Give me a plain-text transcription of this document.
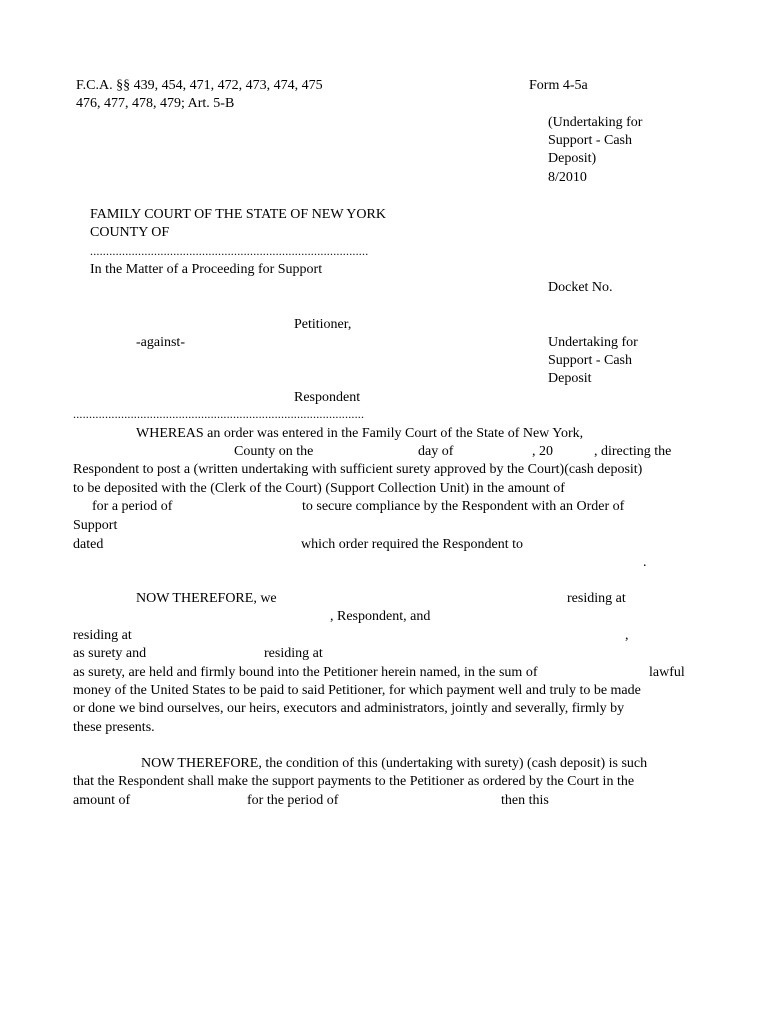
F.C.A. §§ 439, 454, 471, 472, 473, 474, 475
476, 477, 478, 479; Art. 5-B
Form 4-5a
(Undertaking for
Support - Cash
Deposit)
8/2010
FAMILY COURT OF THE STATE OF NEW YORK
COUNTY OF
.......................................................................................
In the Matter of a Proceeding for Support
Docket No.
Petitioner,
-against-	Undertaking for
Support - Cash
Deposit
Respondent
...........................................................................................
WHEREAS an order was entered in the Family Court of the State of New York,
County on the	day of	, 20	, directing the
Respondent to post a (written undertaking with sufficient surety approved by the Court)(cash deposit)
to be deposited with the (Clerk of the Court) (Support Collection Unit) in the amount of
for a period of	to secure compliance by the Respondent with an Order of
Support
dated	which order required the Respondent to
.
NOW THEREFORE, we	residing at
, Respondent, and
residing at	,
as surety and	residing at
as surety, are held and firmly bound into the Petitioner herein named, in the sum of	lawful
money of the United States to be paid to said Petitioner, for which payment well and truly to be made
or done we bind ourselves, our heirs, executors and administrators, jointly and severally, firmly by
these presents.
NOW THEREFORE, the condition of this (undertaking with surety) (cash deposit) is such
that the Respondent shall make the support payments to the Petitioner as ordered by the Court in the
amount of	for the period of	then this
